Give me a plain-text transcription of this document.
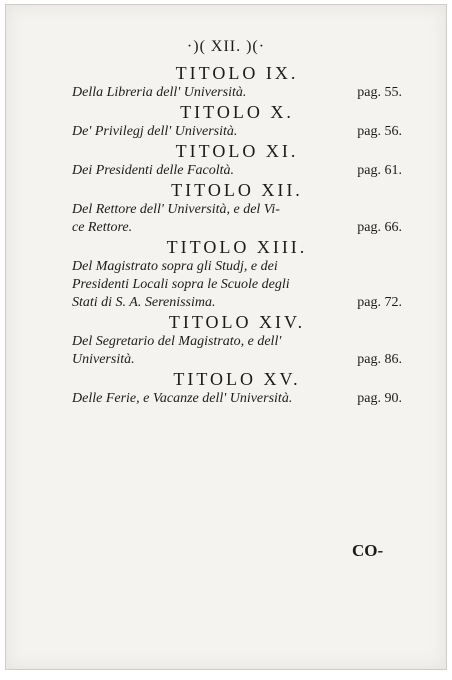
·)( XII. )(·
TITOLO IX.
Della Libreria dell' Università.	pag. 55.
TITOLO X.
De' Privilegj dell' Università.	pag. 56.
TITOLO XI.
Dei Presidenti delle Facoltà.	pag. 61.
TITOLO XII.
Del Rettore dell' Università, e del Vi-
ce Rettore.	pag. 66.
TITOLO XIII.
Del Magistrato sopra gli Studj, e dei
Presidenti Locali sopra le Scuole degli
Stati di S. A. Serenissima.	pag. 72.
TITOLO XIV.
Del Segretario del Magistrato, e dell'
Università.	pag. 86.
TITOLO XV.
Delle Ferie, e Vacanze dell' Università.	pag. 90.
CO-
